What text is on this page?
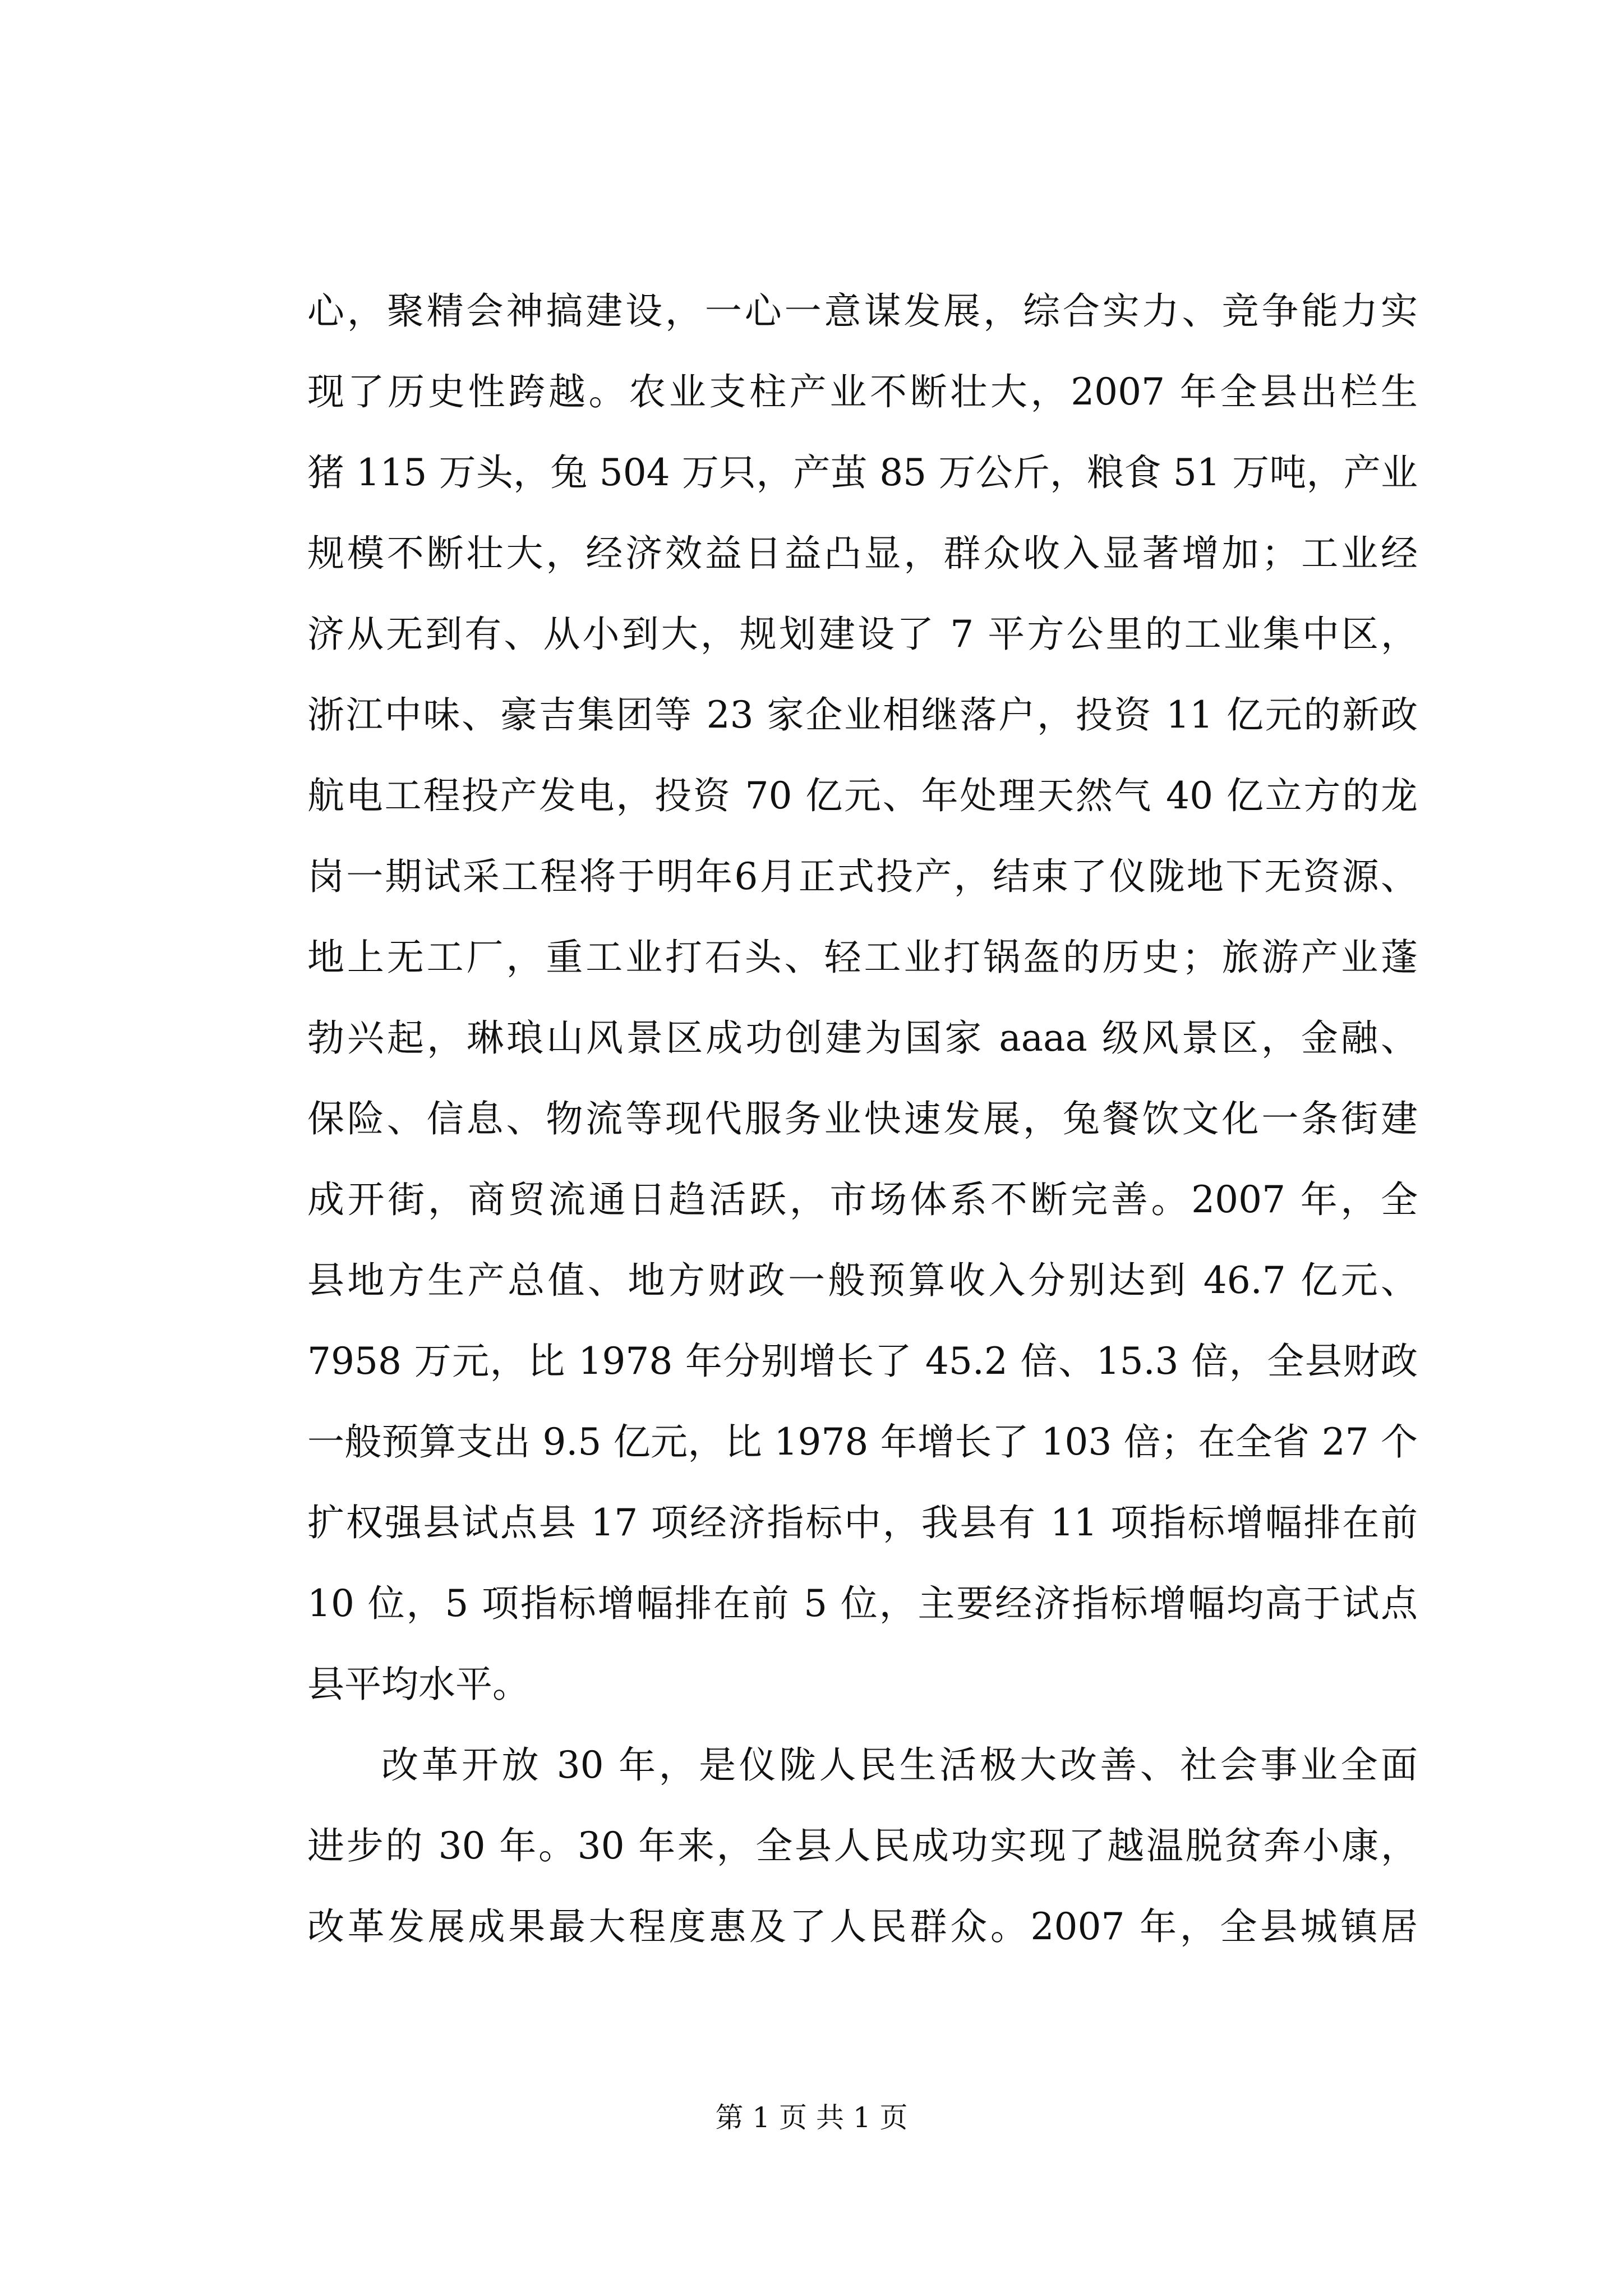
心，聚精会神搞建设，一心一意谋发展，综合实力、竞争能力实
现了历史性跨越。农业支柱产业不断壮大，2007 年全县出栏生
猪 115 万头，兔 504 万只，产茧 85 万公斤，粮食 51 万吨，产业
规模不断壮大，经济效益日益凸显，群众收入显著增加；工业经
济从无到有、从小到大，规划建设了 7 平方公里的工业集中区，
浙江中味、豪吉集团等 23 家企业相继落户，投资 11 亿元的新政
航电工程投产发电，投资 70 亿元、年处理天然气 40 亿立方的龙
岗一期试采工程将于明年6月正式投产，结束了仪陇地下无资源、
地上无工厂，重工业打石头、轻工业打锅盔的历史；旅游产业蓬
勃兴起，琳琅山风景区成功创建为国家 aaaa 级风景区，金融、
保险、信息、物流等现代服务业快速发展，兔餐饮文化一条街建
成开街，商贸流通日趋活跃，市场体系不断完善。2007 年，全
县地方生产总值、地方财政一般预算收入分别达到 46.7 亿元、
7958 万元，比 1978 年分别增长了 45.2 倍、15.3 倍，全县财政
一般预算支出 9.5 亿元，比 1978 年增长了 103 倍；在全省 27 个
扩权强县试点县 17 项经济指标中，我县有 11 项指标增幅排在前
10 位，5 项指标增幅排在前 5 位，主要经济指标增幅均高于试点
县平均水平。
改革开放 30 年，是仪陇人民生活极大改善、社会事业全面
进步的 30 年。30 年来，全县人民成功实现了越温脱贫奔小康，
改革发展成果最大程度惠及了人民群众。2007 年，全县城镇居
第 1 页 共 1 页
